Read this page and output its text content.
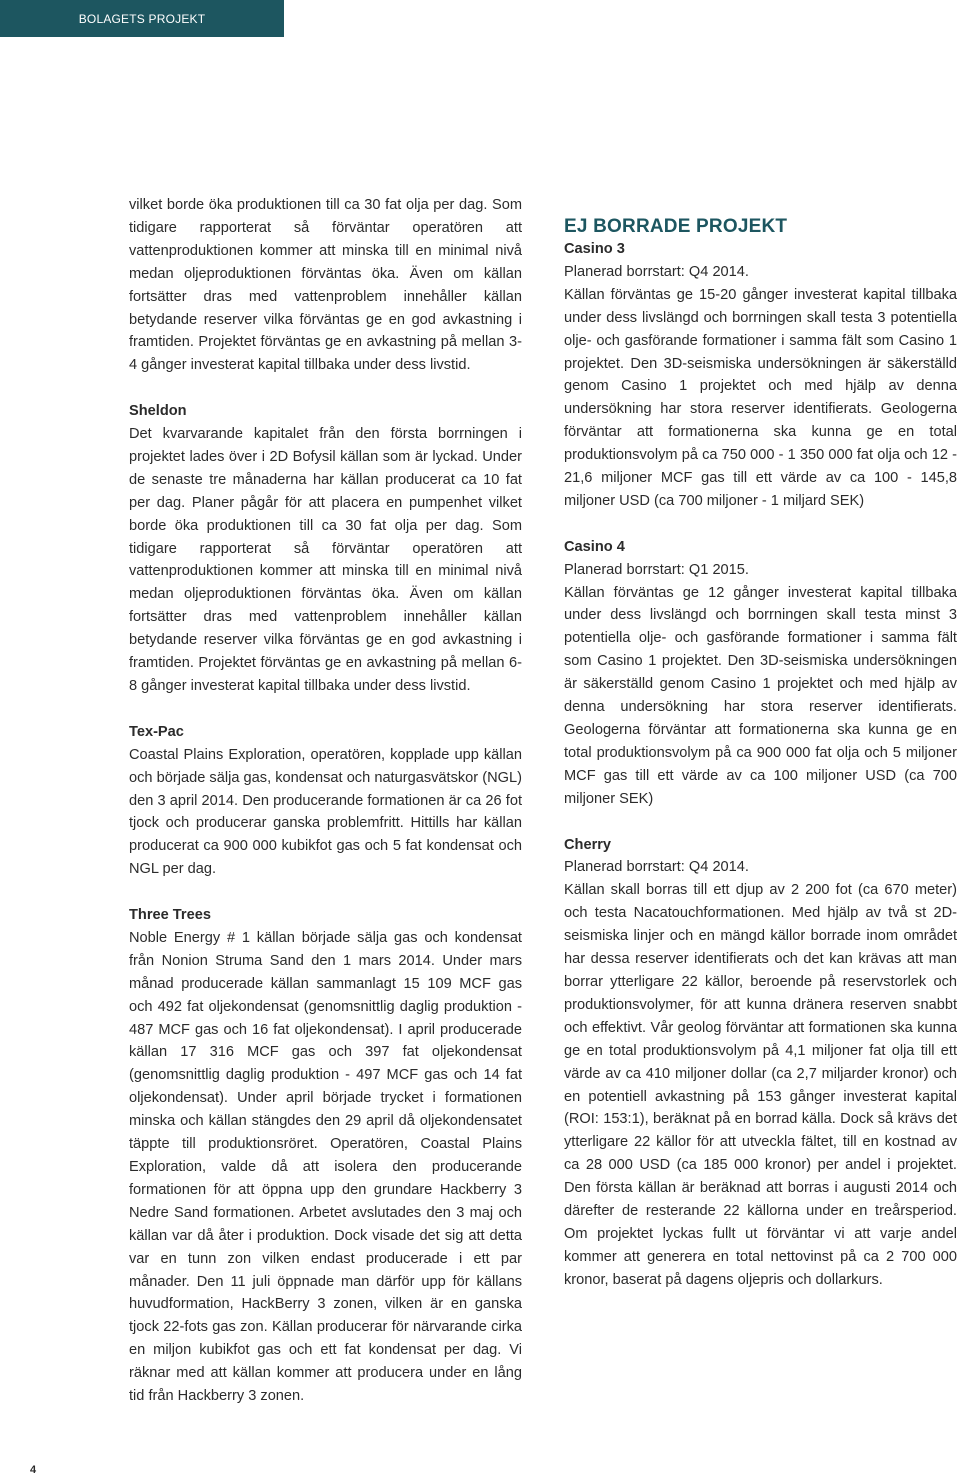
BOLAGETS PROJEKT

vilket borde öka produktionen till ca 30 fat olja per dag. Som tidigare rapporterat så förväntar operatören att vattenproduktionen kommer att minska till en minimal nivå medan oljeproduktionen förväntas öka. Även om källan fortsätter dras med vattenproblem innehåller källan betydande reserver vilka förväntas ge en god avkastning i framtiden. Projektet förväntas ge en avkastning på mellan 3-4 gånger investerat kapital tillbaka under dess livstid.

Sheldon

Det kvarvarande kapitalet från den första borrningen i projektet lades över i 2D Bofysil källan som är lyckad. Under de senaste tre månaderna har källan producerat ca 10 fat per dag. Planer pågår för att placera en pumpenhet vilket borde öka produktionen till ca 30 fat olja per dag. Som tidigare rapporterat så förväntar operatören att vattenproduktionen kommer att minska till en minimal nivå medan oljeproduktionen förväntas öka. Även om källan fortsätter dras med vattenproblem innehåller källan betydande reserver vilka förväntas ge en god avkastning i framtiden. Projektet förväntas ge en avkastning på mellan 6-8 gånger investerat kapital tillbaka under dess livstid.

Tex-Pac

Coastal Plains Exploration, operatören, kopplade upp källan och började sälja gas, kondensat och naturgasvätskor (NGL) den 3 april 2014. Den producerande formationen är ca 26 fot tjock och producerar ganska problemfritt. Hittills har källan producerat ca 900 000 kubikfot gas och 5 fat kondensat och NGL per dag.

Three Trees

Noble Energy # 1 källan började sälja gas och kondensat från Nonion Struma Sand den 1 mars 2014. Under mars månad producerade källan sammanlagt 15 109 MCF gas och 492 fat oljekondensat (genomsnittlig daglig produktion - 487 MCF gas och 16 fat oljekondensat). I april producerade källan 17 316 MCF gas och 397 fat oljekondensat (genomsnittlig daglig produktion - 497 MCF gas och 14 fat oljekondensat). Under april började trycket i formationen minska och källan stängdes den 29 april då oljekondensatet täppte till produktionsröret. Operatören, Coastal Plains Exploration, valde då att isolera den producerande formationen för att öppna upp den grundare Hackberry 3 Nedre Sand formationen. Arbetet avslutades den 3 maj och källan var då åter i produktion. Dock visade det sig att detta var en tunn zon vilken endast producerade i ett par månader. Den 11 juli öppnade man därför upp för källans huvudformation, HackBerry 3 zonen, vilken är en ganska tjock 22-fots gas zon. Källan producerar för närvarande cirka en miljon kubikfot gas och ett fat kondensat per dag. Vi räknar med att källan kommer att producera under en lång tid från Hackberry 3 zonen.

EJ BORRADE PROJEKT

Casino 3

Planerad borrstart: Q4 2014.

Källan förväntas ge 15-20 gånger investerat kapital tillbaka under dess livslängd och borrningen skall testa 3 potentiella olje- och gasförande formationer i samma fält som Casino 1 projektet. Den 3D-seismiska undersökningen är säkerställd genom Casino 1 projektet och med hjälp av denna undersökning har stora reserver identifierats. Geologerna förväntar att formationerna ska kunna ge en total produktionsvolym på ca 750 000 - 1 350 000 fat olja och 12 - 21,6 miljoner MCF gas till ett värde av ca 100 - 145,8 miljoner USD (ca 700 miljoner - 1 miljard SEK)

Casino 4

Planerad borrstart: Q1 2015.

Källan förväntas ge 12 gånger investerat kapital tillbaka under dess livslängd och borrningen skall testa minst 3 potentiella olje- och gasförande formationer i samma fält som Casino 1 projektet. Den 3D-seismiska undersökningen är säkerställd genom Casino 1 projektet och med hjälp av denna undersökning har stora reserver identifierats. Geologerna förväntar att formationerna ska kunna ge en total produktionsvolym på ca 900 000 fat olja och 5 miljoner MCF gas till ett värde av ca 100 miljoner USD (ca 700 miljoner SEK)

Cherry

Planerad borrstart: Q4 2014.

Källan skall borras till ett djup av 2 200 fot (ca 670 meter) och testa Nacatouchformationen. Med hjälp av två st 2D-seismiska linjer och en mängd källor borrade inom området har dessa reserver identifierats och det kan krävas att man borrar ytterligare 22 källor, beroende på reservstorlek och produktionsvolymer, för att kunna dränera reserven snabbt och effektivt. Vår geolog förväntar att formationen ska kunna ge en total produktionsvolym på 4,1 miljoner fat olja till ett värde av ca 410 miljoner dollar (ca 2,7 miljarder kronor) och en potentiell avkastning på 153 gånger investerat kapital (ROI: 153:1), beräknat på en borrad källa. Dock så krävs det ytterligare 22 källor för att utveckla fältet, till en kostnad av ca 28 000 USD (ca 185 000 kronor) per andel i projektet. Den första källan är beräknad att borras i augusti 2014 och därefter de resterande 22 källorna under en treårsperiod. Om projektet lyckas fullt ut förväntar vi att varje andel kommer att generera en total nettovinst på ca 2 700 000 kronor, baserat på dagens oljepris och dollarkurs.

4
